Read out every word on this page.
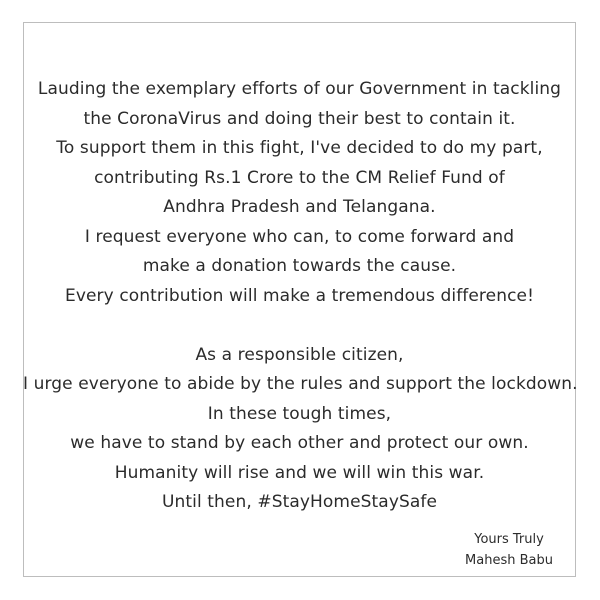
Lauding the exemplary efforts of our Government in tackling
the CoronaVirus and doing their best to contain it.
To support them in this fight, I've decided to do my part,
contributing Rs.1 Crore to the CM Relief Fund of
Andhra Pradesh and Telangana.
I request everyone who can, to come forward and
make a donation towards the cause.
Every contribution will make a tremendous difference!
As a responsible citizen,
I urge everyone to abide by the rules and support the lockdown.
In these tough times,
we have to stand by each other and protect our own.
Humanity will rise and we will win this war.
Until then, #StayHomeStaySafe
Yours Truly
Mahesh Babu
